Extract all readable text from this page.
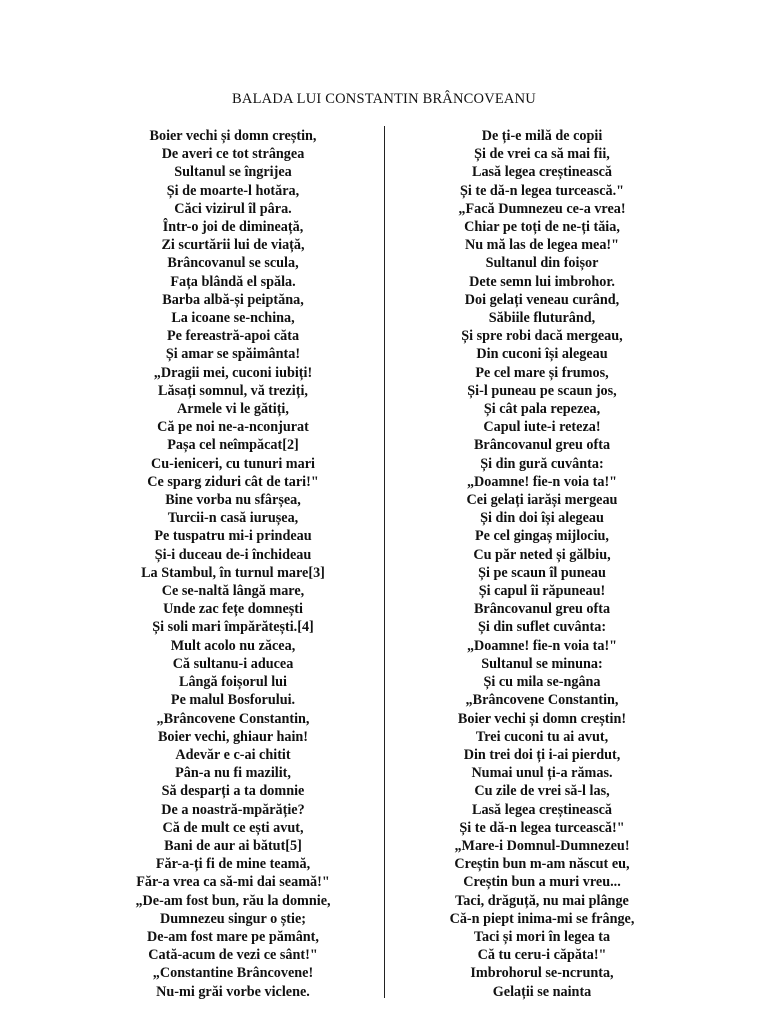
BALADA LUI CONSTANTIN BRÂNCOVEANU
Boier vechi și domn creștin,
De averi ce tot strângea
Sultanul se îngrijea
Și de moarte-l hotăra,
Căci vizirul îl pâra.
Într-o joi de dimineață,
Zi scurtării lui de viață,
Brâncovanul se scula,
Fața blândă el spăla.
Barba albă-și peiptăna,
La icoane se-nchina,
Pe fereastră-apoi căta
Și amar se spăimânta!
„Dragii mei, cuconi iubiți!
Lăsați somnul, vă treziți,
Armele vi le gătiți,
Că pe noi ne-a-nconjurat
Pașa cel neîmpăcat[2]
Cu-ieniceri, cu tunuri mari
Ce sparg ziduri cât de tari!"
Bine vorba nu sfârșea,
Turcii-n casă iurușea,
Pe tuspatru mi-i prindeau
Și-i duceau de-i închideau
La Stambul, în turnul mare[3]
Ce se-naltă lângă mare,
Unde zac fețe domnești
Și soli mari împărătești.[4]
Mult acolo nu zăcea,
Că sultanu-i aducea
Lângă foișorul lui
Pe malul Bosforului.
„Brâncovene Constantin,
Boier vechi, ghiaur hain!
Adevăr e c-ai chitit
Pân-a nu fi mazilit,
Să desparți a ta domnie
De a noastră-mpărăție?
Că de mult ce ești avut,
Bani de aur ai bătut[5]
Făr-a-ți fi de mine teamă,
Făr-a vrea ca să-mi dai seamă!"
„De-am fost bun, rău la domnie,
Dumnezeu singur o știe;
De-am fost mare pe pământ,
Cată-acum de vezi ce sânt!"
„Constantine Brâncovene!
Nu-mi grăi vorbe viclene.
De ți-e milă de copii
Și de vrei ca să mai fii,
Lasă legea creștinească
Și te dă-n legea turcească."
„Facă Dumnezeu ce-a vrea!
Chiar pe toți de ne-ți tăia,
Nu mă las de legea mea!"
Sultanul din foișor
Dete semn lui imbrohor.
Doi gelați veneau curând,
Săbiile fluturând,
Și spre robi dacă mergeau,
Din cuconi își alegeau
Pe cel mare și frumos,
Și-l puneau pe scaun jos,
Și cât pala repezea,
Capul iute-i reteza!
Brâncovanul greu ofta
Și din gură cuvânta:
„Doamne! fie-n voia ta!"
Cei gelați iarăși mergeau
Și din doi își alegeau
Pe cel gingaș mijlociu,
Cu păr neted și gălbiu,
Și pe scaun îl puneau
Și capul îi răpuneau!
Brâncovanul greu ofta
Și din suflet cuvânta:
„Doamne! fie-n voia ta!"
Sultanul se minuna:
Și cu mila se-ngâna
„Brâncovene Constantin,
Boier vechi și domn creștin!
Trei cuconi tu ai avut,
Din trei doi ți i-ai pierdut,
Numai unul ți-a rămas.
Cu zile de vrei să-l las,
Lasă legea creștinească
Și te dă-n legea turcească!"
„Mare-i Domnul-Dumnezeu!
Creștin bun m-am născut eu,
Creștin bun a muri vreu...
Taci, drăguță, nu mai plânge
Că-n piept inima-mi se frânge,
Taci și mori în legea ta
Că tu ceru-i căpăta!"
Imbrohorul se-ncrunta,
Gelații se nainta
